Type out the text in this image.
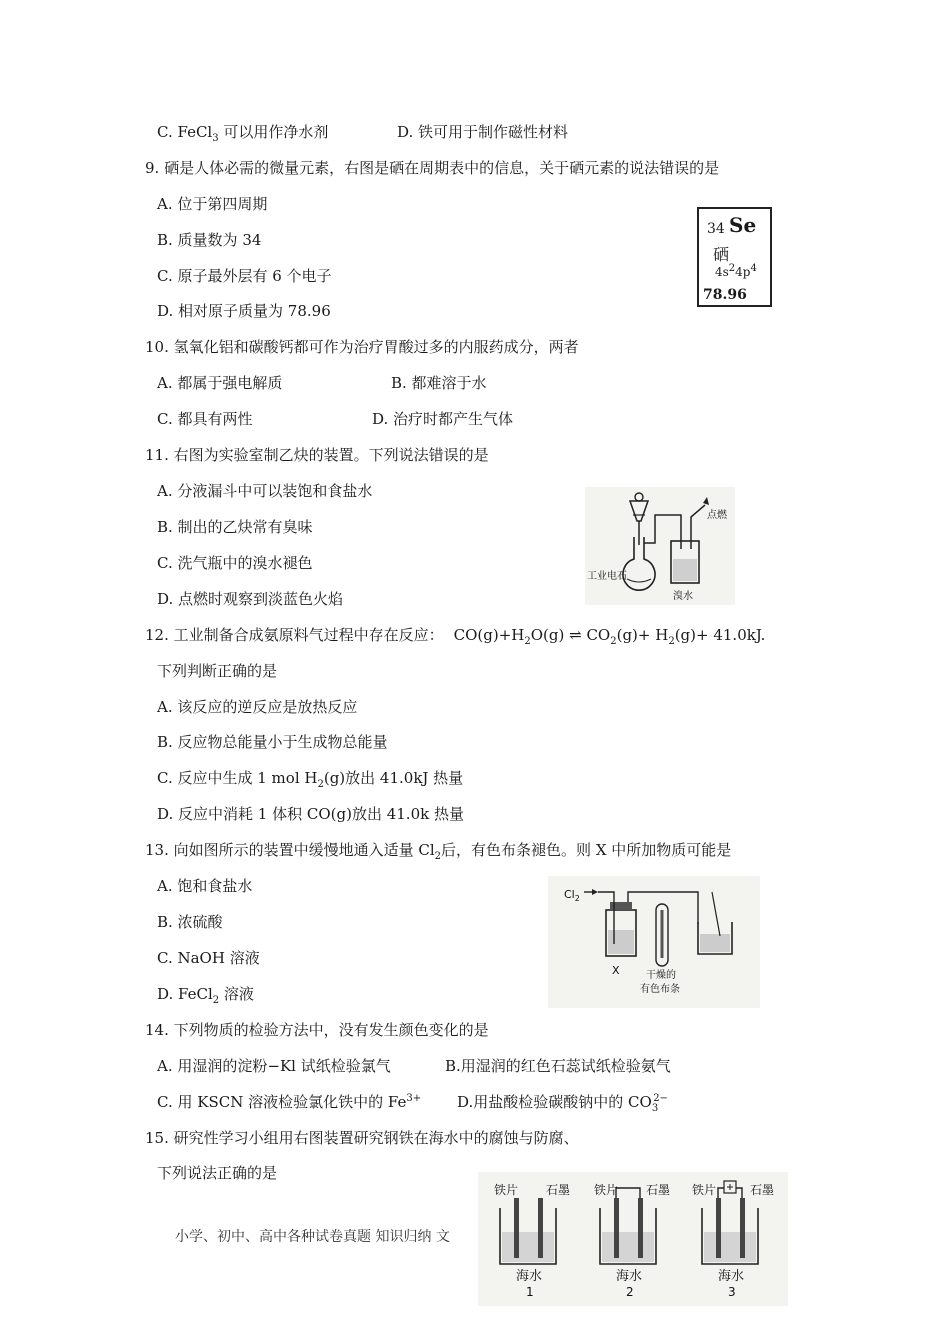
C. FeCl$_3$ 可以用作净水剂	D. 铁可用于制作磁性材料
9. 硒是人体必需的微量元素，右图是硒在周期表中的信息，关于硒元素的说法错误的是
A. 位于第四周期
B. 质量数为 34
C. 原子最外层有 6 个电子
D. 相对原子质量为 78.96
34 Se
硒
$4s^24p^4$
78.96
10. 氢氧化铝和碳酸钙都可作为治疗胃酸过多的内服药成分，两者
A. 都属于强电解质	B. 都难溶于水
C. 都具有两性	D. 治疗时都产生气体
11. 右图为实验室制乙炔的装置。下列说法错误的是
A. 分液漏斗中可以装饱和食盐水
B. 制出的乙炔常有臭味
C. 洗气瓶中的溴水褪色
D. 点燃时观察到淡蓝色火焰
点燃
工业电石
溴水
12. 工业制备合成氨原料气过程中存在反应： $CO(g)+H_2O(g)$ ⇌ $CO_2(g)+ H_2(g)+ 41.0kJ$.
下列判断正确的是
A. 该反应的逆反应是放热反应
B. 反应物总能量小于生成物总能量
C. 反应中生成 1 mol $H_2(g)$放出 41.0kJ 热量
D. 反应中消耗 1 体积 CO(g)放出 41.0k 热量
13. 向如图所示的装置中缓慢地通入适量 $Cl_2$后，有色布条褪色。则 X 中所加物质可能是
A. 饱和食盐水
B. 浓硫酸
C. NaOH 溶液
D. FeCl$_2$ 溶液
$Cl_2$
X	干燥的
有色布条
14. 下列物质的检验方法中，没有发生颜色变化的是
A. 用湿润的淀粉−Kl 试纸检验氯气	B.用湿润的红色石蕊试纸检验氨气
C. 用 KSCN 溶液检验氯化铁中的 $Fe^{3+}$ D.用盐酸检验碳酸钠中的 $CO_3^{2-}$
15. 研究性学习小组用右图装置研究钢铁在海水中的腐蚀与防腐、
下列说法正确的是
铁片 石墨
海水
1
铁片 石墨
海水
2
铁片	石墨
海水
3
小学、初中、高中各种试卷真题 知识归纳 文
